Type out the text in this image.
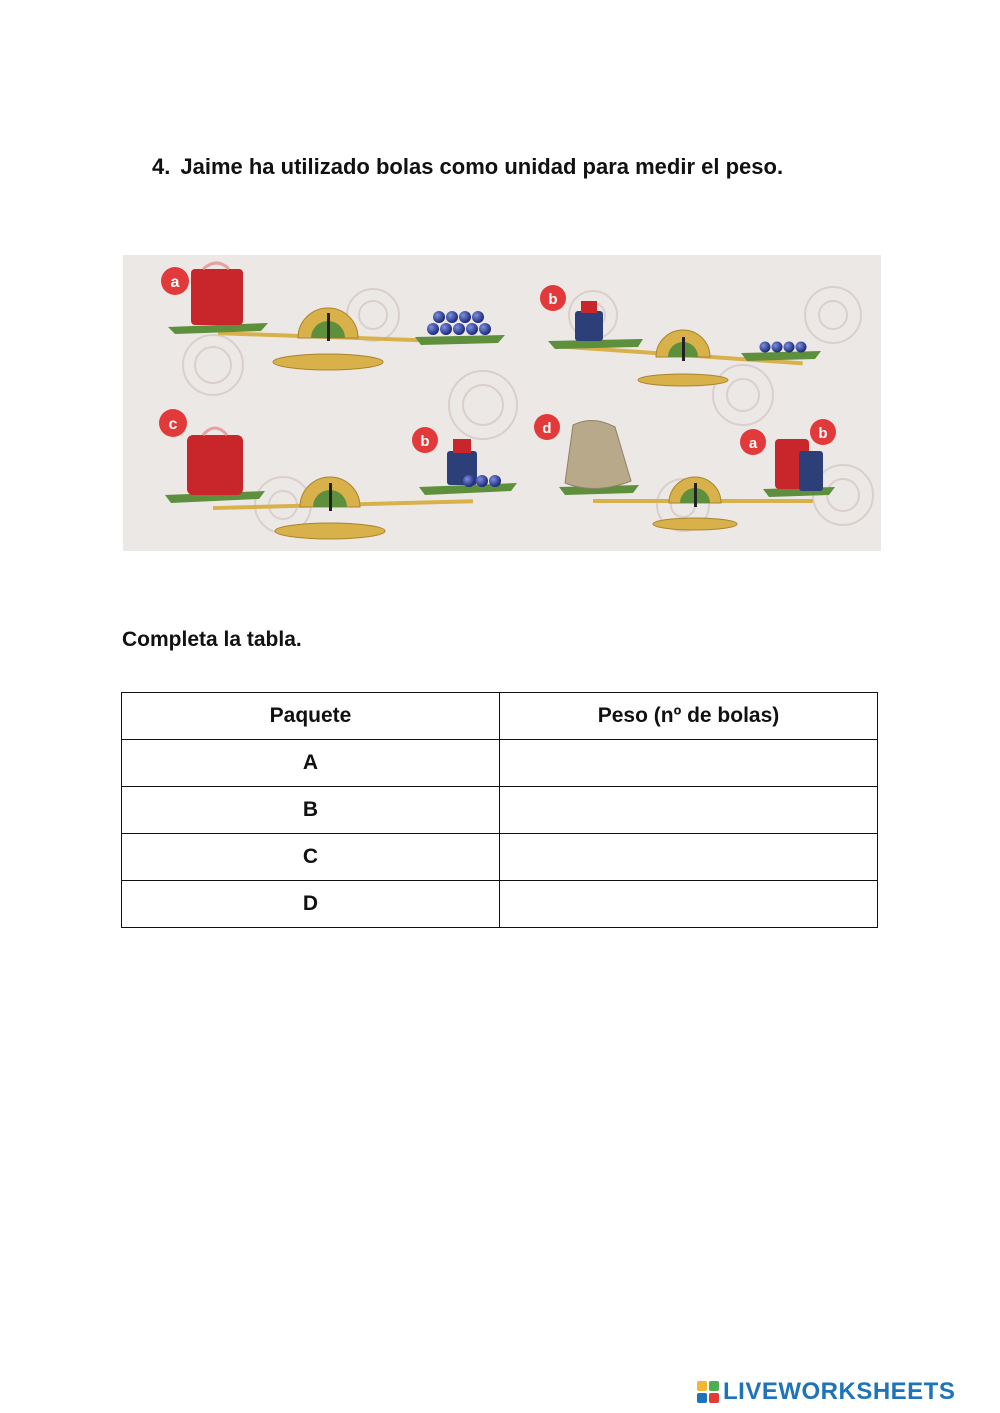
4. Jaime ha utilizado bolas como unidad para medir el peso.
a
b
c
b
d
a
b
Completa la tabla.
Paquete	Peso (nº de bolas)
A	
B	
C	
D	
LIVEWORKSHEETS
